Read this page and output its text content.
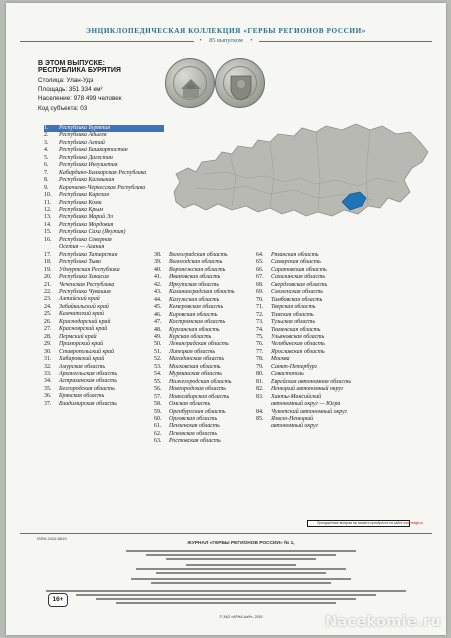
ЭНЦИКЛОПЕДИЧЕСКАЯ КОЛЛЕКЦИЯ «ГЕРБЫ РЕГИОНОВ РОССИИ»
• 85 выпуском •
В ЭТОМ ВЫПУСКЕ:
РЕСПУБЛИКА БУРЯТИЯ
Столица: Улан-Удэ
Площадь: 351 334 км²
Население: 978 499 человек
Код субъекта: 03
1.	Республика Бурятия
2.	Республика Адыгея
3.	Республика Алтай
4.	Республика Башкортостан
5.	Республика Дагестан
6.	Республика Ингушетия
7.	Кабардино-Балкарская Республика
8.	Республика Калмыкия
9.	Карачаево-Черкесская Республика
10.	Республика Карелия
11.	Республика Коми
12.	Республика Крым
13.	Республика Марий Эл
14.	Республика Мордовия
15.	Республика Саха (Якутия)
16.	Республика Северная
Осетия — Алания
17.	Республика Татарстан
18.	Республика Тыва
19.	Удмуртская Республика
20.	Республика Хакасия
21.	Чеченская Республика
22.	Республика Чувашия
23.	Алтайский край
24.	Забайкальский край
25.	Камчатский край
26.	Краснодарский край
27.	Красноярский край
28.	Пермский край
29.	Приморский край
30.	Ставропольский край
31.	Хабаровский край
32.	Амурская область
33.	Архангельская область
34.	Астраханская область
35.	Белгородская область
36.	Брянская область
37.	Владимирская область
38.	Волгоградская область
39.	Вологодская область
40.	Воронежская область
41.	Ивановская область
42.	Иркутская область
43.	Калининградская область
44.	Калужская область
45.	Кемеровская область
46.	Кировская область
47.	Костромская область
48.	Курганская область
49.	Курская область
50.	Ленинградская область
51.	Липецкая область
52.	Магаданская область
53.	Московская область
54.	Мурманская область
55.	Нижегородская область
56.	Новгородская область
57.	Новосибирская область
58.	Омская область
59.	Оренбургская область
60.	Орловская область
61.	Пензенская область
62.	Псковская область
63.	Ростовская область
64.	Рязанская область
65.	Самарская область
66.	Саратовская область
67.	Сахалинская область
68.	Свердловская область
69.	Смоленская область
70.	Тамбовская область
71.	Тверская область
72.	Томская область
73.	Тульская область
74.	Тюменская область
75.	Ульяновская область
76.	Челябинская область
77.	Ярославская область
78.	Москва
79.	Санкт-Петербург
80.	Севастополь
81.	Еврейская автономная область
82.	Ненецкий автономный округ
83.	Ханты-Мансийский
автономный округ — Югра
84.	Чукотский автономный округ
85.	Ямало-Ненецкий
автономный округ
Пропущенные выпуски вы можете приобрести на сайте www.tsegtt.ru
ISSN 2410-5619
ЖУРНАЛ «ГЕРБЫ РЕГИОНОВ РОССИИ» № 1,
16+
© ЗАО «АРНА-АиФ», 2015	Nacekomie.ru
